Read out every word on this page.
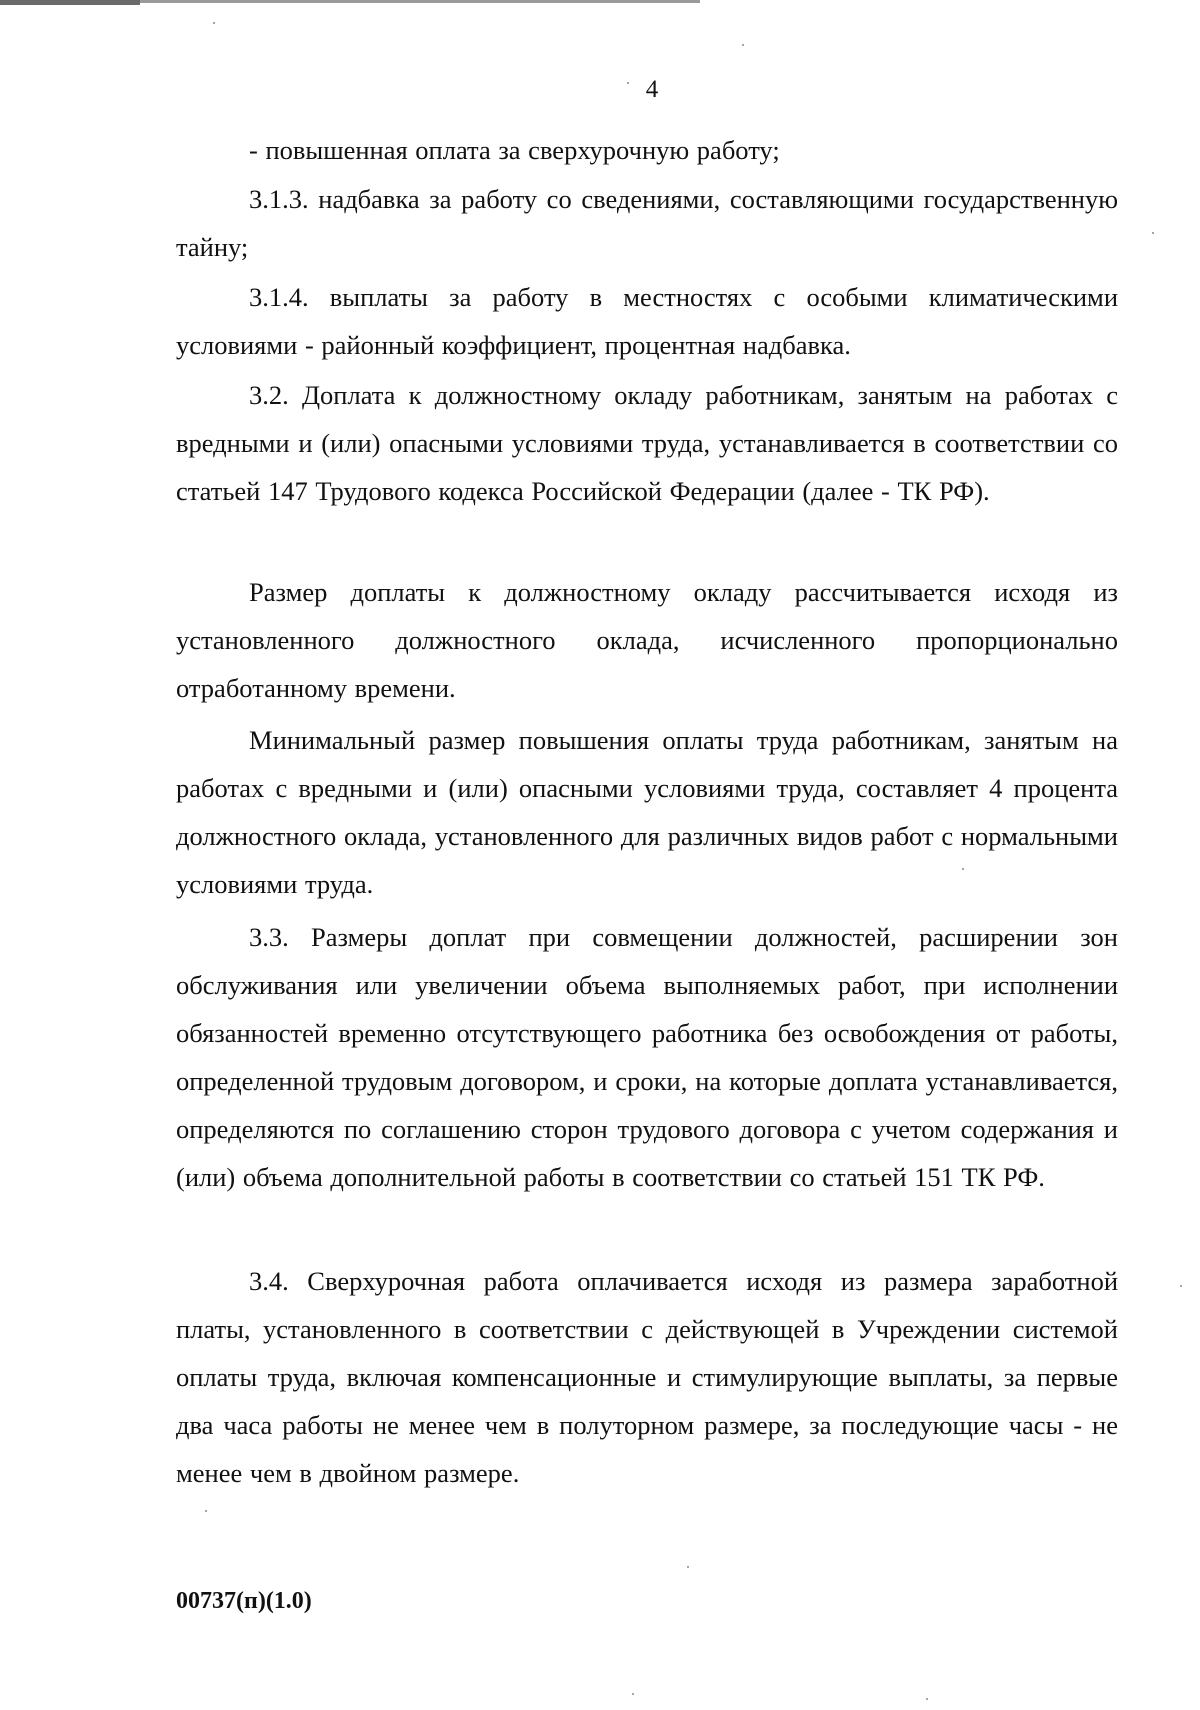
4

- повышенная оплата за сверхурочную работу;

3.1.3. надбавка за работу со сведениями, составляющими государственную тайну;

3.1.4. выплаты за работу в местностях с особыми климатическими условиями - районный коэффициент, процентная надбавка.

3.2. Доплата к должностному окладу работникам, занятым на работах с вредными и (или) опасными условиями труда, устанавливается в соответствии со статьей 147 Трудового кодекса Российской Федерации (далее - ТК РФ).

Размер доплаты к должностному окладу рассчитывается исходя из установленного должностного оклада, исчисленного пропорционально отработанному времени.

Минимальный размер повышения оплаты труда работникам, занятым на работах с вредными и (или) опасными условиями труда, составляет 4 процента должностного оклада, установленного для различных видов работ с нормальными условиями труда.

3.3. Размеры доплат при совмещении должностей, расширении зон обслуживания или увеличении объема выполняемых работ, при исполнении обязанностей временно отсутствующего работника без освобождения от работы, определенной трудовым договором, и сроки, на которые доплата устанавливается, определяются по соглашению сторон трудового договора с учетом содержания и (или) объема дополнительной работы в соответствии со статьей 151 ТК РФ.

3.4. Сверхурочная работа оплачивается исходя из размера заработной платы, установленного в соответствии с действующей в Учреждении системой оплаты труда, включая компенсационные и стимулирующие выплаты, за первые два часа работы не менее чем в полуторном размере, за последующие часы - не менее чем в двойном размере.

00737(п)(1.0)
